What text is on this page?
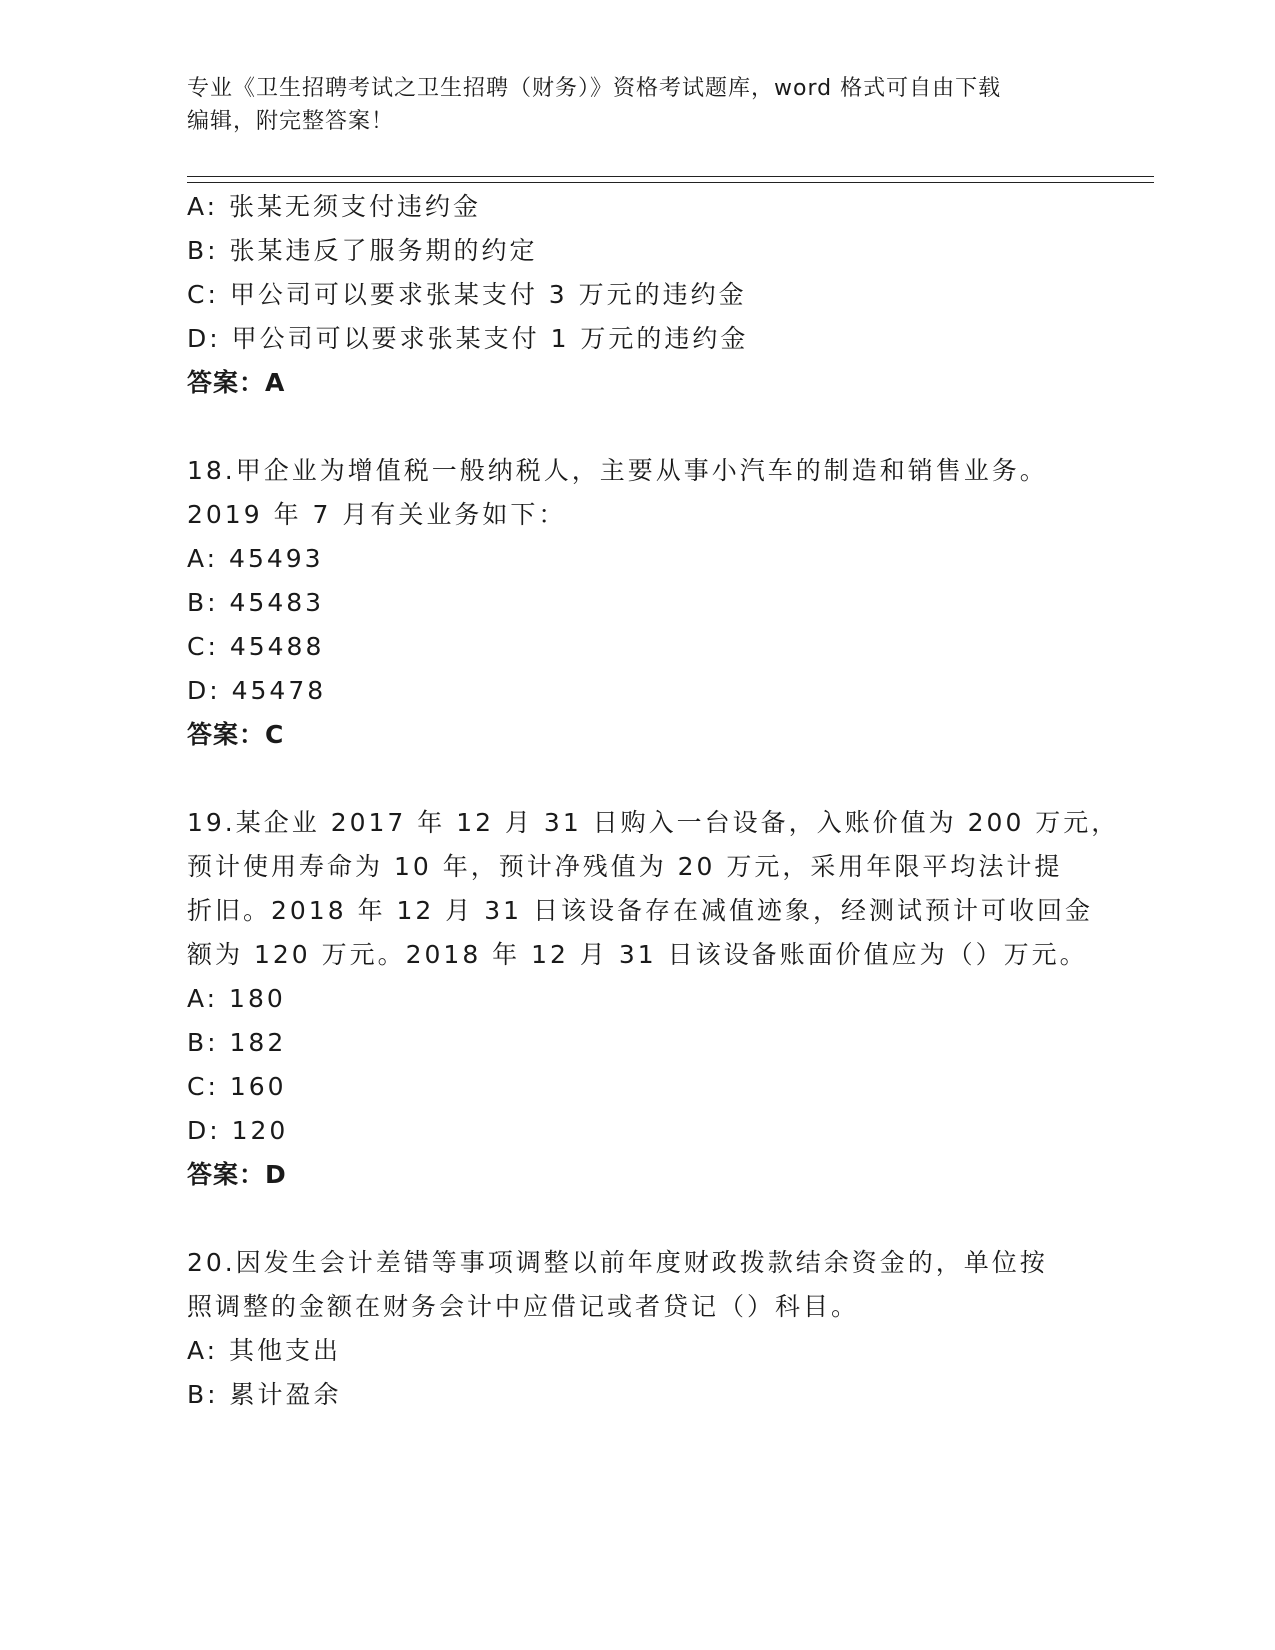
专业《卫生招聘考试之卫生招聘（财务）》资格考试题库，word 格式可自由下载
编辑，附完整答案！
A: 张某无须支付违约金
B: 张某违反了服务期的约定
C: 甲公司可以要求张某支付 3 万元的违约金
D: 甲公司可以要求张某支付 1 万元的违约金
答案：A
18.甲企业为增值税一般纳税人，主要从事小汽车的制造和销售业务。
2019 年 7 月有关业务如下：
A: 45493
B: 45483
C: 45488
D: 45478
答案：C
19.某企业 2017 年 12 月 31 日购入一台设备，入账价值为 200 万元，
预计使用寿命为 10 年，预计净残值为 20 万元，采用年限平均法计提
折旧。2018 年 12 月 31 日该设备存在减值迹象，经测试预计可收回金
额为 120 万元。2018 年 12 月 31 日该设备账面价值应为（）万元。
A: 180
B: 182
C: 160
D: 120
答案：D
20.因发生会计差错等事项调整以前年度财政拨款结余资金的，单位按
照调整的金额在财务会计中应借记或者贷记（）科目。
A: 其他支出
B: 累计盈余
